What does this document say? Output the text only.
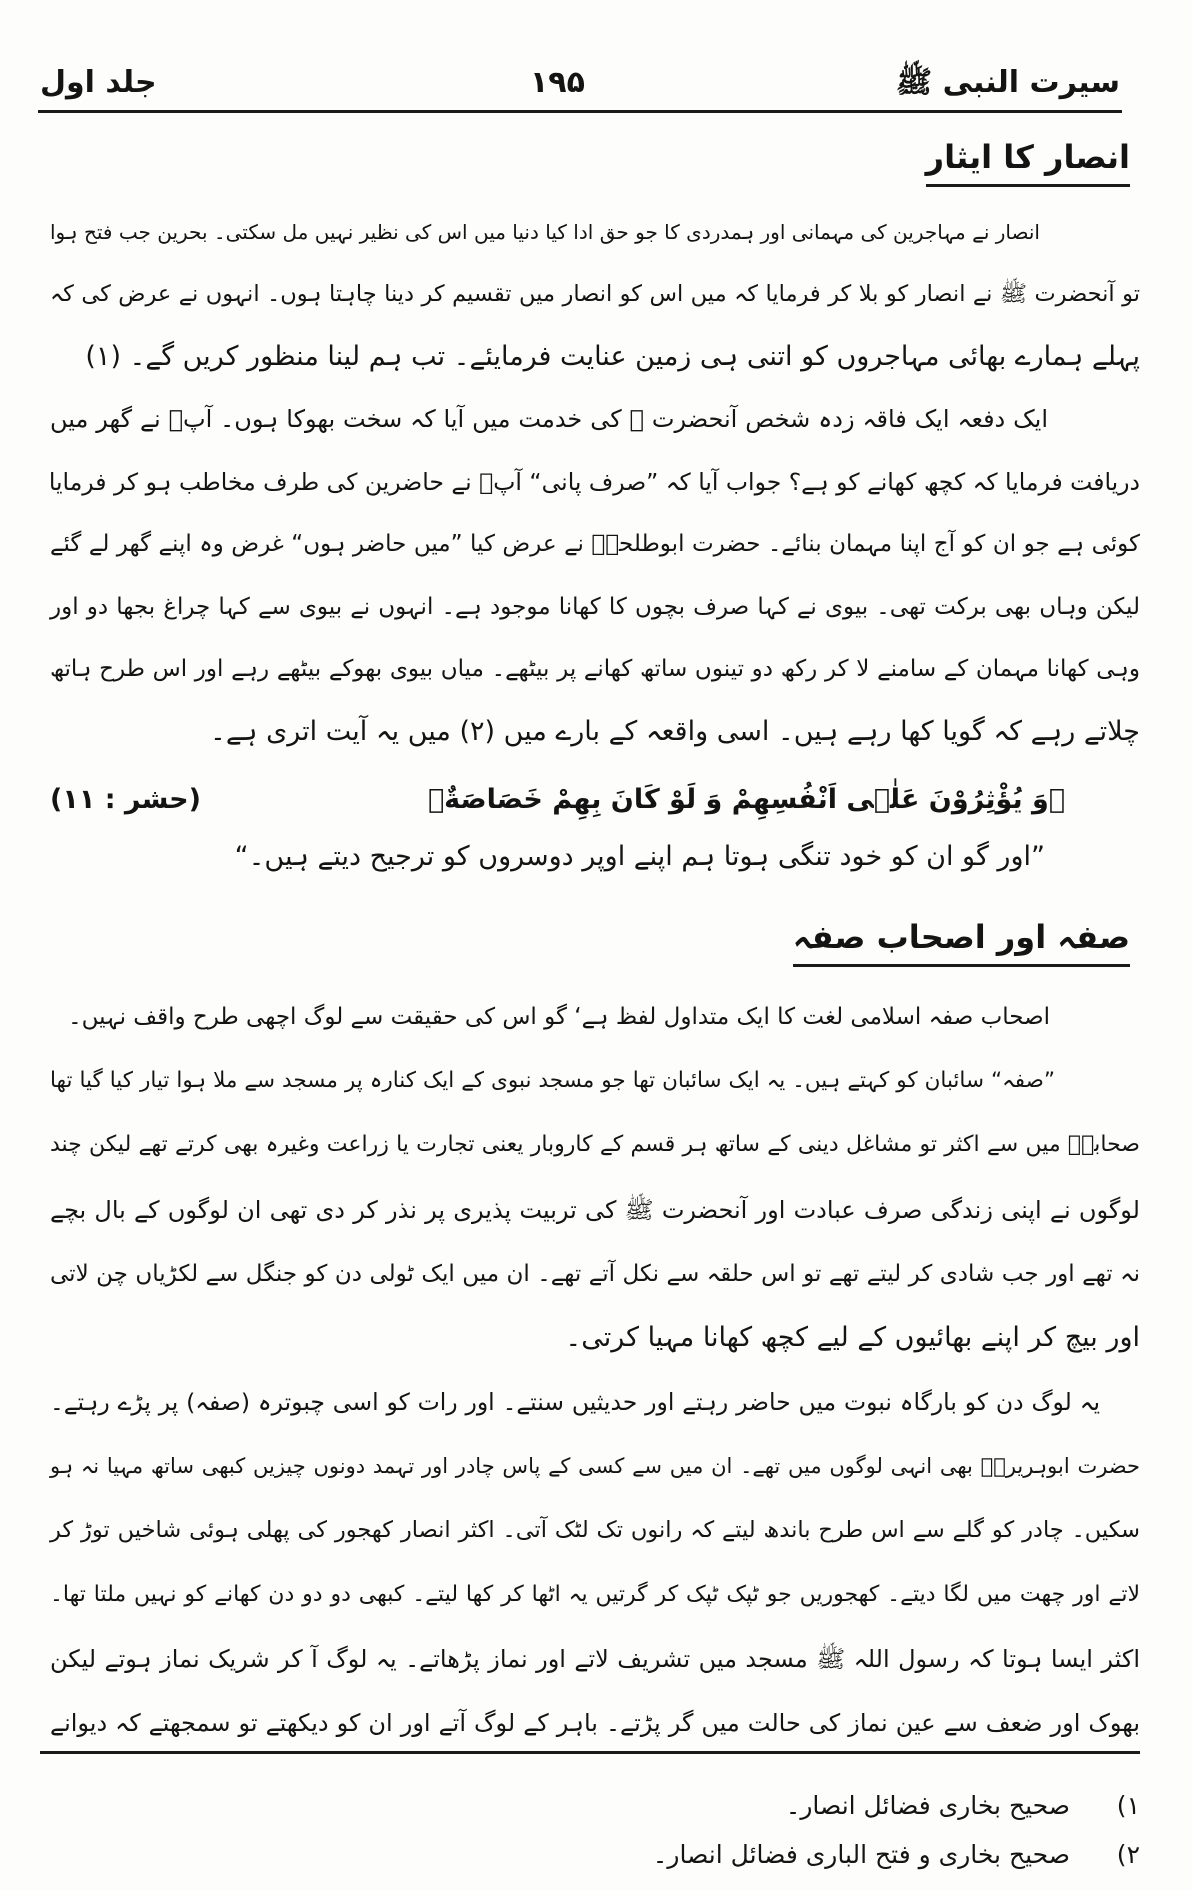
سیرت النبی ﷺ
۱۹۵
جلد اول
انصار کا ایثار
انصار نے مہاجرین کی مہمانی اور ہمدردی کا جو حق ادا کیا دنیا میں اس کی نظیر نہیں مل سکتی۔ بحرین جب فتح ہوا
تو آنحضرت ﷺ نے انصار کو بلا کر فرمایا کہ میں اس کو انصار میں تقسیم کر دینا چاہتا ہوں۔ انہوں نے عرض کی کہ
پہلے ہمارے بھائی مہاجروں کو اتنی ہی زمین عنایت فرمایئے۔ تب ہم لینا منظور کریں گے۔ (۱)
ایک دفعہ ایک فاقہ زدہ شخص آنحضرت ﷺ کی خدمت میں آیا کہ سخت بھوکا ہوں۔ آپؐ نے گھر میں
دریافت فرمایا کہ کچھ کھانے کو ہے؟ جواب آیا کہ ”صرف پانی“ آپؐ نے حاضرین کی طرف مخاطب ہو کر فرمایا
کوئی ہے جو ان کو آج اپنا مہمان بنائے۔ حضرت ابوطلحہؓ نے عرض کیا ”میں حاضر ہوں“ غرض وہ اپنے گھر لے گئے
لیکن وہاں بھی برکت تھی۔ بیوی نے کہا صرف بچوں کا کھانا موجود ہے۔ انہوں نے بیوی سے کہا چراغ بجھا دو اور
وہی کھانا مہمان کے سامنے لا کر رکھ دو تینوں ساتھ کھانے پر بیٹھے۔ میاں بیوی بھوکے بیٹھے رہے اور اس طرح ہاتھ
چلاتے رہے کہ گویا کھا رہے ہیں۔ اسی واقعہ کے بارے میں (۲) میں یہ آیت اتری ہے۔
﴿وَ یُؤْثِرُوْنَ عَلٰۤی اَنْفُسِهِمْ وَ لَوْ كَانَ بِهِمْ خَصَاصَةٌ﴾
(حشر : ۱۱)
”اور گو ان کو خود تنگی ہوتا ہم اپنے اوپر دوسروں کو ترجیح دیتے ہیں۔“
صفہ اور اصحاب صفہ
اصحاب صفہ اسلامی لغت کا ایک متداول لفظ ہے‘ گو اس کی حقیقت سے لوگ اچھی طرح واقف نہیں۔
”صفہ“ سائبان کو کہتے ہیں۔ یہ ایک سائبان تھا جو مسجد نبوی کے ایک کنارہ پر مسجد سے ملا ہوا تیار کیا گیا تھا
صحابہؓ میں سے اکثر تو مشاغل دینی کے ساتھ ہر قسم کے کاروبار یعنی تجارت یا زراعت وغیرہ بھی کرتے تھے لیکن چند
لوگوں نے اپنی زندگی صرف عبادت اور آنحضرت ﷺ کی تربیت پذیری پر نذر کر دی تھی ان لوگوں کے بال بچے
نہ تھے اور جب شادی کر لیتے تھے تو اس حلقہ سے نکل آتے تھے۔ ان میں ایک ٹولی دن کو جنگل سے لکڑیاں چن لاتی
اور بیچ کر اپنے بھائیوں کے لیے کچھ کھانا مہیا کرتی۔
یہ لوگ دن کو بارگاہ نبوت میں حاضر رہتے اور حدیثیں سنتے۔ اور رات کو اسی چبوترہ (صفہ) پر پڑے رہتے۔
حضرت ابوہریرہؓ بھی انہی لوگوں میں تھے۔ ان میں سے کسی کے پاس چادر اور تہمد دونوں چیزیں کبھی ساتھ مہیا نہ ہو
سکیں۔ چادر کو گلے سے اس طرح باندھ لیتے کہ رانوں تک لٹک آتی۔ اکثر انصار کھجور کی پھلی ہوئی شاخیں توڑ کر
لاتے اور چھت میں لگا دیتے۔ کھجوریں جو ٹپک ٹپک کر گرتیں یہ اٹھا کر کھا لیتے۔ کبھی دو دو دن کھانے کو نہیں ملتا تھا۔
اکثر ایسا ہوتا کہ رسول اللہ ﷺ مسجد میں تشریف لاتے اور نماز پڑھاتے۔ یہ لوگ آ کر شریک نماز ہوتے لیکن
بھوک اور ضعف سے عین نماز کی حالت میں گر پڑتے۔ باہر کے لوگ آتے اور ان کو دیکھتے تو سمجھتے کہ دیوانے
۱)صحیح بخاری فضائل انصار۔
۲)صحیح بخاری و فتح الباری فضائل انصار۔
